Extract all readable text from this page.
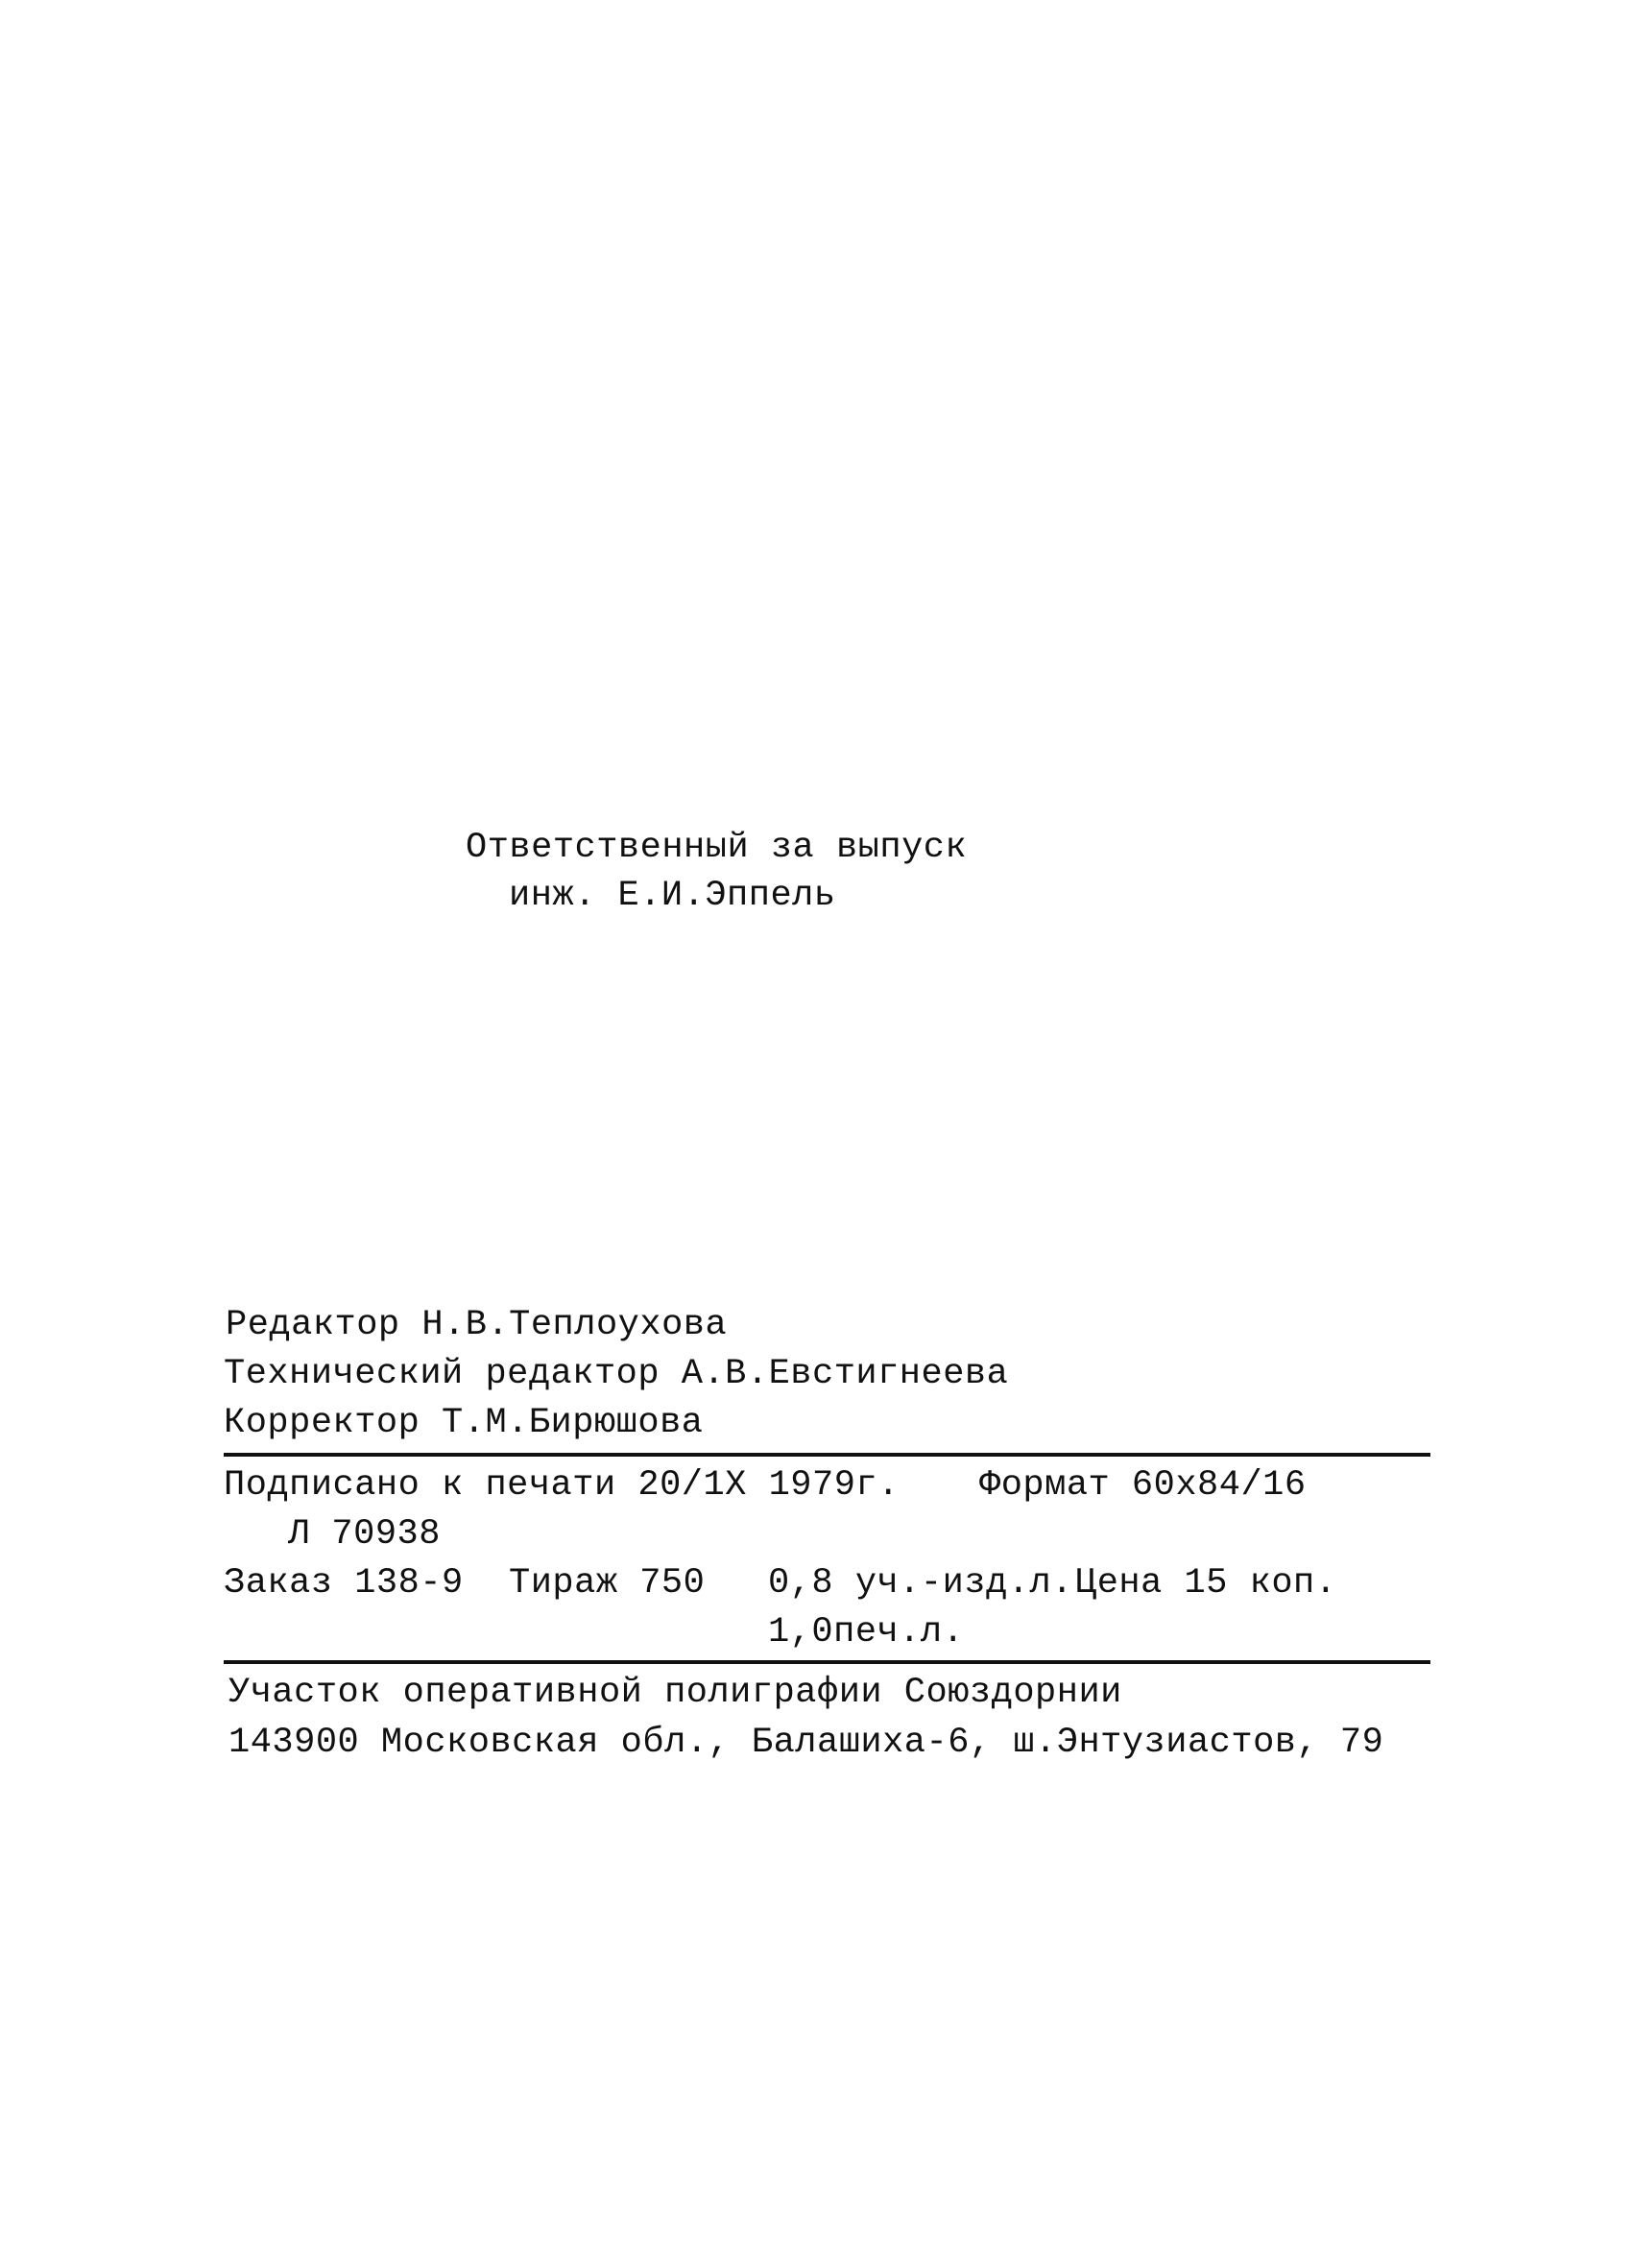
Ответственный за выпуск
инж. Е.И.Эппель
Редактор Н.В.Теплоухова
Технический редактор А.В.Евстигнеева
Корректор Т.М.Бирюшова
Подписано к печати 20/1Х 1979г. Формат 60х84/16
Л 70938
Заказ 138-9 Тираж 750 0,8 уч.-изд.л. Цена 15 коп.
1,0печ.л.
Участок оперативной полиграфии Союздорнии
143900 Московская обл., Балашиха-6, ш.Энтузиастов, 79
